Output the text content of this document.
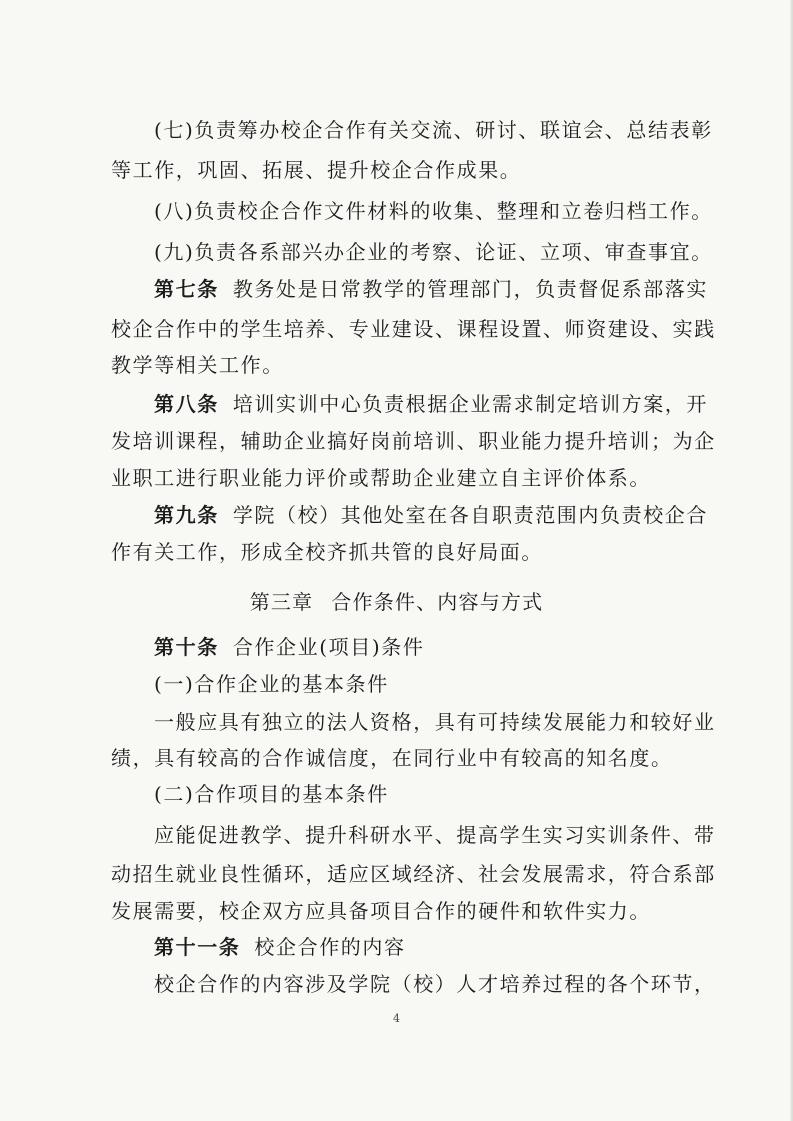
(七)负责筹办校企合作有关交流、研讨、联谊会、总结表彰
等工作，巩固、拓展、提升校企合作成果。
(八)负责校企合作文件材料的收集、整理和立卷归档工作。
(九)负责各系部兴办企业的考察、论证、立项、审查事宜。
第七条 教务处是日常教学的管理部门，负责督促系部落实
校企合作中的学生培养、专业建设、课程设置、师资建设、实践
教学等相关工作。
第八条 培训实训中心负责根据企业需求制定培训方案，开
发培训课程，辅助企业搞好岗前培训、职业能力提升培训；为企
业职工进行职业能力评价或帮助企业建立自主评价体系。
第九条 学院（校）其他处室在各自职责范围内负责校企合
作有关工作，形成全校齐抓共管的良好局面。
第三章 合作条件、内容与方式
第十条 合作企业(项目)条件
(一)合作企业的基本条件
一般应具有独立的法人资格，具有可持续发展能力和较好业
绩，具有较高的合作诚信度，在同行业中有较高的知名度。
(二)合作项目的基本条件
应能促进教学、提升科研水平、提高学生实习实训条件、带
动招生就业良性循环，适应区域经济、社会发展需求，符合系部
发展需要，校企双方应具备项目合作的硬件和软件实力。
第十一条 校企合作的内容
校企合作的内容涉及学院（校）人才培养过程的各个环节，
4
